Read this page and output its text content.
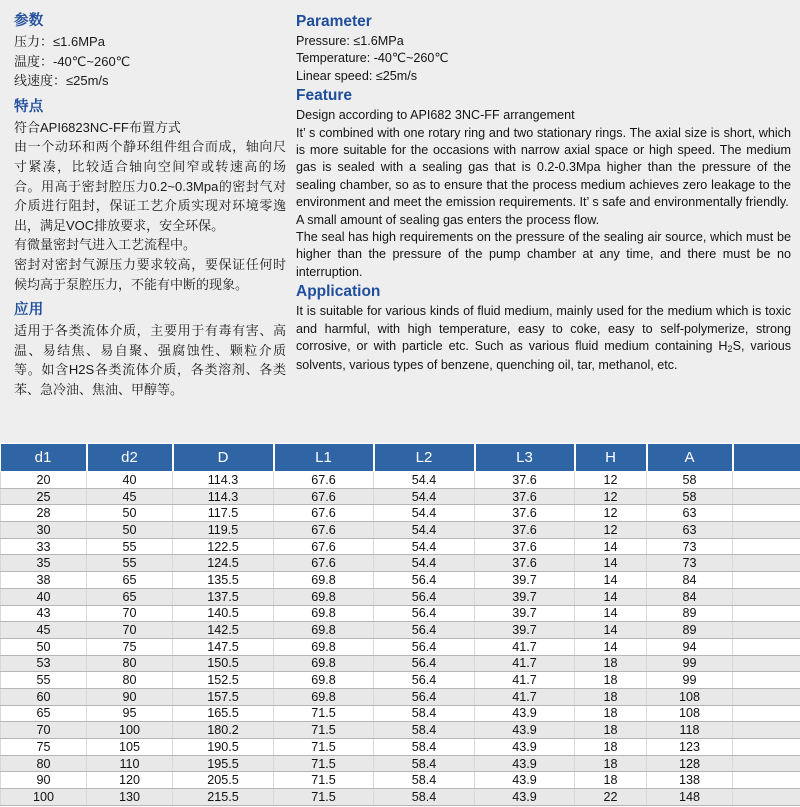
参数

压力：≤1.6MPa

温度：-40℃~260℃

线速度：≤25m/s

特点

符合API6823NC-FF布置方式

由一个动环和两个静环组件组合而成，轴向尺寸紧凑，比较适合轴向空间窄或转速高的场合。用高于密封腔压力0.2~0.3Mpa的密封气对介质进行阻封，保证工艺介质实现对环境零逸出，满足VOC排放要求，安全环保。

有微量密封气进入工艺流程中。

密封对密封气源压力要求较高，要保证任何时候均高于泵腔压力，不能有中断的现象。

应用

适用于各类流体介质，主要用于有毒有害、高温、易结焦、易自聚、强腐蚀性、颗粒介质等。如含H2S各类流体介质，各类溶剂、各类苯、急冷油、焦油、甲醇等。

Parameter

Pressure: ≤1.6MPa

Temperature: -40℃~260℃

Linear speed: ≤25m/s

Feature

Design according to API682 3NC-FF arrangement

It’ s combined with one rotary ring and two stationary rings. The axial size is short, which is more suitable for the occasions with narrow axial space or high speed. The medium gas is sealed with a sealing gas that is 0.2-0.3Mpa higher than the pressure of the sealing chamber, so as to ensure that the process medium achieves zero leakage to the environment and meet the emission requirements. It’ s safe and environmentally friendly.

A small amount of sealing gas enters the process flow.

The seal has high requirements on the pressure of the sealing air source, which must be higher than the pressure of the pump chamber at any time, and there must be no interruption.

Application

It is suitable for various kinds of fluid medium, mainly used for the medium which is toxic and harmful, with high temperature, easy to coke, easy to self-polymerize, strong corrosive, or with particle etc. Such as various fluid medium containing $H_2S$, various solvents, various types of benzene, quenching oil, tar, methanol, etc.

d1	d2	D	L1	L2	L3	H	A	
20	40	114.3	67.6	54.4	37.6	12	58	
25	45	114.3	67.6	54.4	37.6	12	58	
28	50	117.5	67.6	54.4	37.6	12	63	
30	50	119.5	67.6	54.4	37.6	12	63	
33	55	122.5	67.6	54.4	37.6	14	73	
35	55	124.5	67.6	54.4	37.6	14	73	
38	65	135.5	69.8	56.4	39.7	14	84	
40	65	137.5	69.8	56.4	39.7	14	84	
43	70	140.5	69.8	56.4	39.7	14	89	
45	70	142.5	69.8	56.4	39.7	14	89	
50	75	147.5	69.8	56.4	41.7	14	94	
53	80	150.5	69.8	56.4	41.7	18	99	
55	80	152.5	69.8	56.4	41.7	18	99	
60	90	157.5	69.8	56.4	41.7	18	108	
65	95	165.5	71.5	58.4	43.9	18	108	
70	100	180.2	71.5	58.4	43.9	18	118	
75	105	190.5	71.5	58.4	43.9	18	123	
80	110	195.5	71.5	58.4	43.9	18	128	
90	120	205.5	71.5	58.4	43.9	18	138	
100	130	215.5	71.5	58.4	43.9	22	148	
